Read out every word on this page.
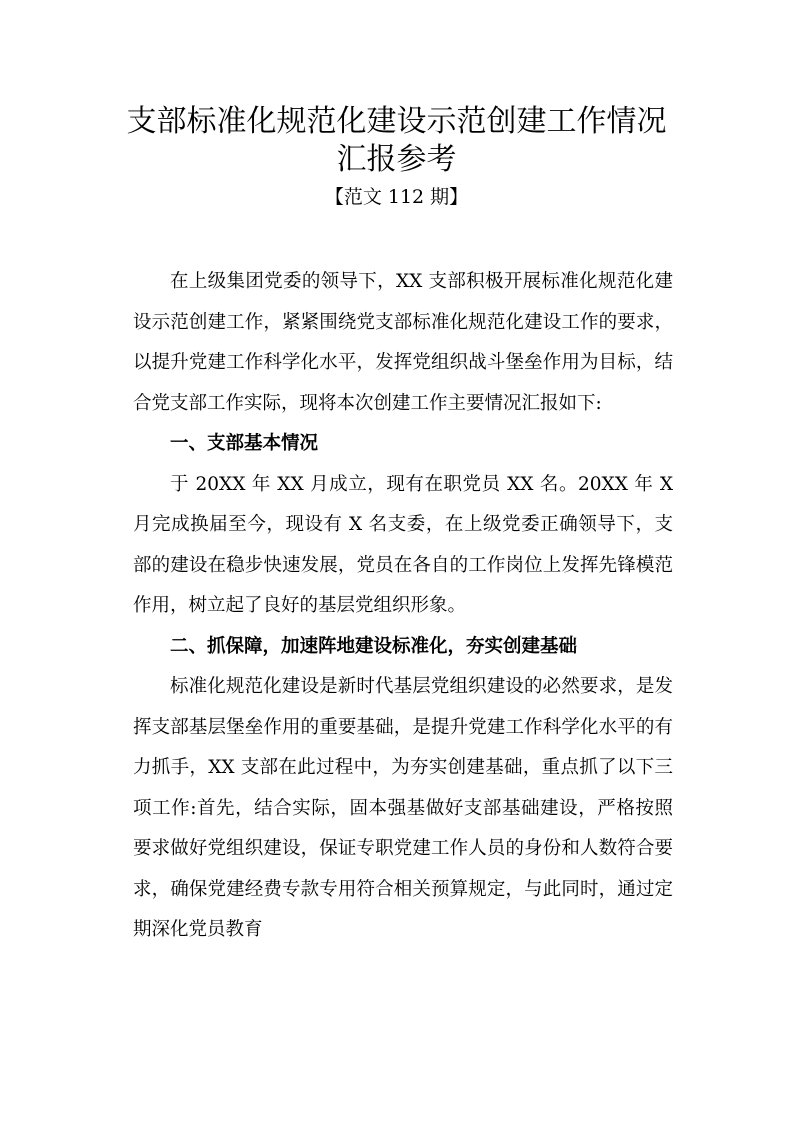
支部标准化规范化建设示范创建工作情况
汇报参考
【范文 112 期】

在上级集团党委的领导下，XX 支部积极开展标准化规范化建设示范创建工作，紧紧围绕党支部标准化规范化建设工作的要求，以提升党建工作科学化水平，发挥党组织战斗堡垒作用为目标，结合党支部工作实际，现将本次创建工作主要情况汇报如下:

一、支部基本情况

于 20XX 年 XX 月成立，现有在职党员 XX 名。20XX 年 X 月完成换届至今，现设有 X 名支委，在上级党委正确领导下，支部的建设在稳步快速发展，党员在各自的工作岗位上发挥先锋模范作用，树立起了良好的基层党组织形象。

二、抓保障，加速阵地建设标准化，夯实创建基础

标准化规范化建设是新时代基层党组织建设的必然要求，是发挥支部基层堡垒作用的重要基础，是提升党建工作科学化水平的有力抓手，XX 支部在此过程中，为夯实创建基础，重点抓了以下三项工作:首先，结合实际，固本强基做好支部基础建设，严格按照要求做好党组织建设，保证专职党建工作人员的身份和人数符合要求，确保党建经费专款专用符合相关预算规定，与此同时，通过定期深化党员教育
